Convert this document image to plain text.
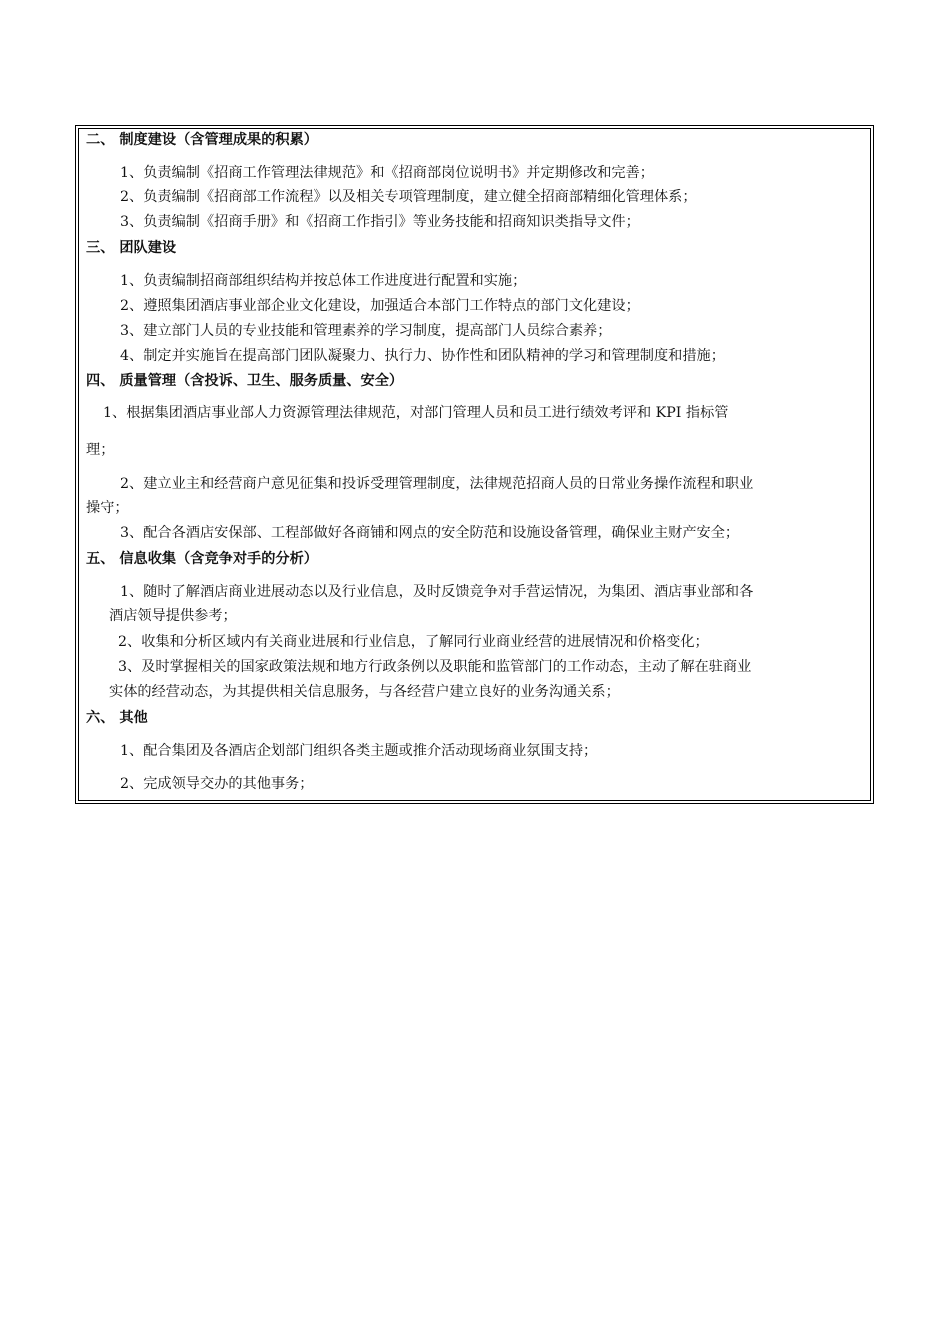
二、 制度建设（含管理成果的积累）
1、负责编制《招商工作管理法律规范》和《招商部岗位说明书》并定期修改和完善；
2、负责编制《招商部工作流程》以及相关专项管理制度，建立健全招商部精细化管理体系；
3、负责编制《招商手册》和《招商工作指引》等业务技能和招商知识类指导文件；
三、 团队建设
1、负责编制招商部组织结构并按总体工作进度进行配置和实施；
2、遵照集团酒店事业部企业文化建设，加强适合本部门工作特点的部门文化建设；
3、建立部门人员的专业技能和管理素养的学习制度，提高部门人员综合素养；
4、制定并实施旨在提高部门团队凝聚力、执行力、协作性和团队精神的学习和管理制度和措施；
四、 质量管理（含投诉、卫生、服务质量、安全）
1、根据集团酒店事业部人力资源管理法律规范，对部门管理人员和员工进行绩效考评和 KPI 指标管
理；
2、建立业主和经营商户意见征集和投诉受理管理制度，法律规范招商人员的日常业务操作流程和职业
操守；
3、配合各酒店安保部、工程部做好各商铺和网点的安全防范和设施设备管理，确保业主财产安全；
五、 信息收集（含竞争对手的分析）
1、随时了解酒店商业进展动态以及行业信息，及时反馈竞争对手营运情况，为集团、酒店事业部和各
酒店领导提供参考；
2、收集和分析区域内有关商业进展和行业信息，了解同行业商业经营的进展情况和价格变化；
3、及时掌握相关的国家政策法规和地方行政条例以及职能和监管部门的工作动态，主动了解在驻商业
实体的经营动态，为其提供相关信息服务，与各经营户建立良好的业务沟通关系；
六、 其他
1、配合集团及各酒店企划部门组织各类主题或推介活动现场商业氛围支持；
2、完成领导交办的其他事务；
